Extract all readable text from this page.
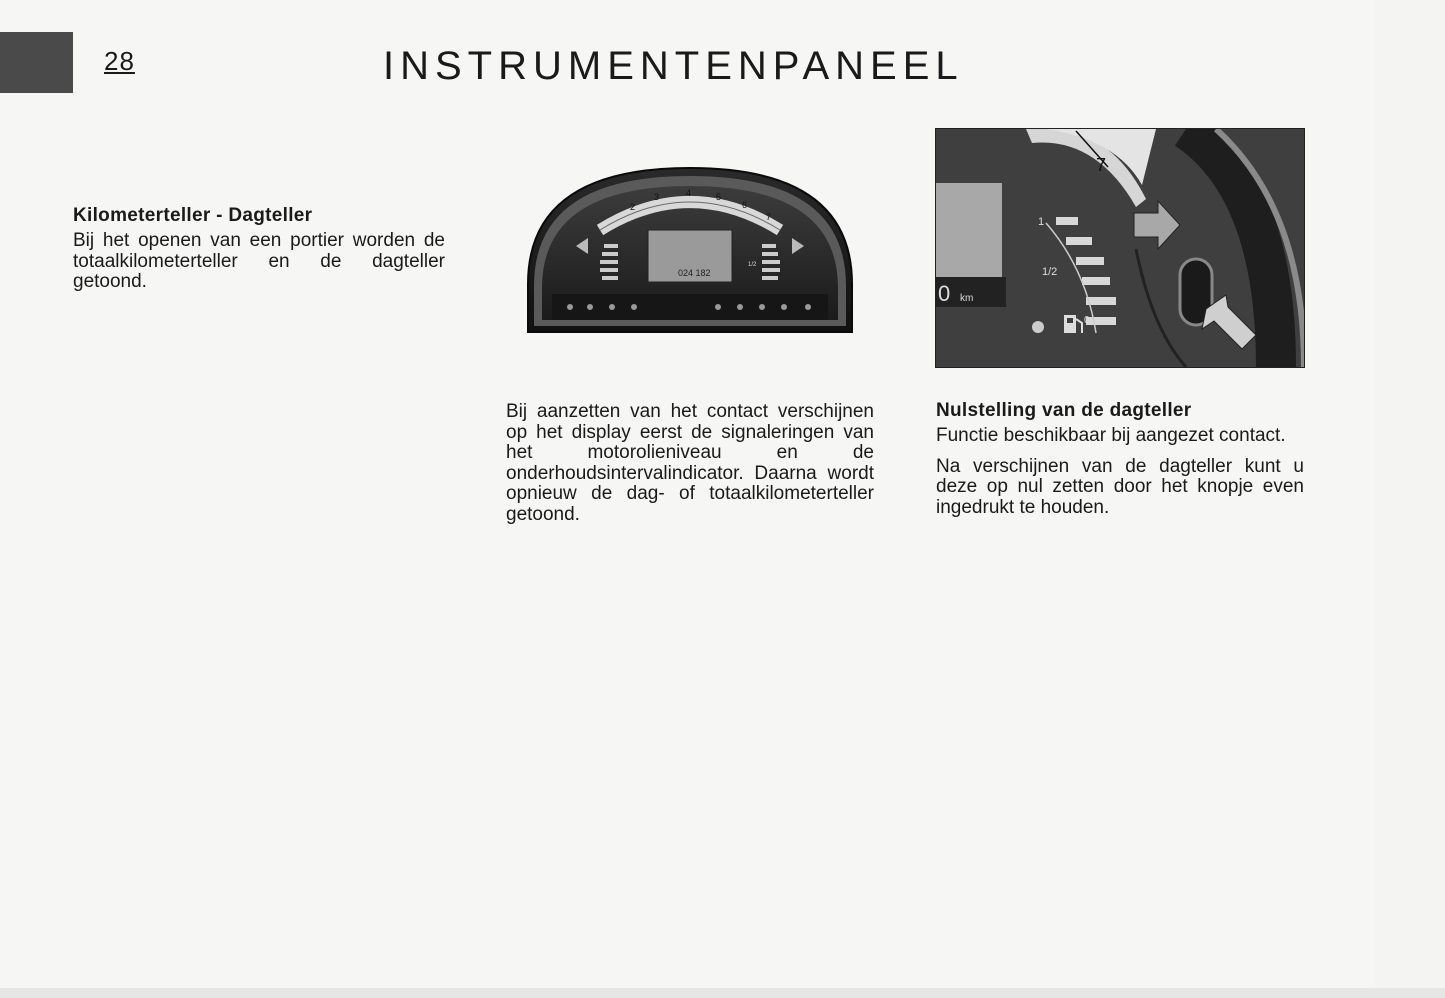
28	INSTRUMENTENPANEEL
Kilometerteller - Dagteller

Bij het openen van een portier worden de totaalkilometerteller en de dagteller getoond.

2
3	4	5
6
7
024 182
1/2

Bij aanzetten van het contact verschijnen op het display eerst de signaleringen van het motorolieniveau en de onderhoudsintervalindicator. Daarna wordt opnieuw de dag- of totaalkilometerteller getoond.

7
0 km
1
1/2
0
Nulstelling van de dagteller

Functie beschikbaar bij aangezet contact.

Na verschijnen van de dagteller kunt u deze op nul zetten door het knopje even ingedrukt te houden.
